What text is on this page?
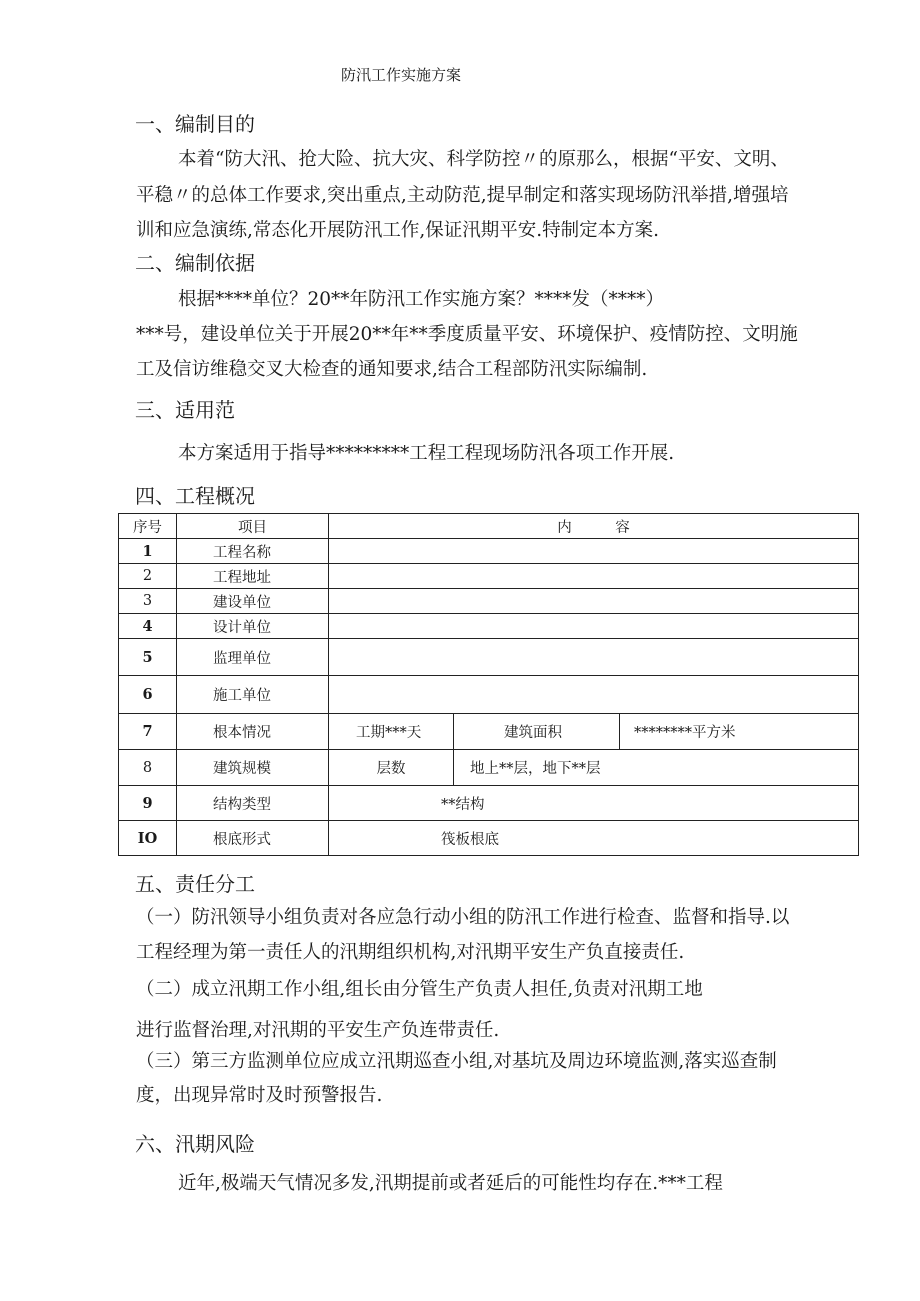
防汛工作实施方案
一、编制目的
本着“防大汛、抢大险、抗大灾、科学防控〃的原那么，根据“平安、文明、
平稳〃的总体工作要求,突出重点,主动防范,提早制定和落实现场防汛举措,增强培
训和应急演练,常态化开展防汛工作,保证汛期平安.特制定本方案.
二、编制依据
根据****单位？20**年防汛工作实施方案？****发（****）
***号，建设单位关于开展20**年**季度质量平安、环境保护、疫情防控、文明施
工及信访维稳交叉大检查的通知要求,结合工程部防汛实际编制.
三、适用范
本方案适用于指导*********工程工程现场防汛各项工作开展.
四、工程概况
序号	项目	内　　　容		
1	工程名称			
2	工程地址			
3	建设单位			
4	设计单位			
5	监理单位			
6	施工单位			
7	根本情况	工期***天	建筑面积	********平方米
8	建筑规模	层数	地上**层，地下**层	
9	结构类型	**结构		
IO	根底形式	筏板根底		
五、责任分工
（一）防汛领导小组负责对各应急行动小组的防汛工作进行检查、监督和指导.以
工程经理为第一责任人的汛期组织机构,对汛期平安生产负直接责任.
（二）成立汛期工作小组,组长由分管生产负责人担任,负责对汛期工地
进行监督治理,对汛期的平安生产负连带责任.
（三）第三方监测单位应成立汛期巡查小组,对基坑及周边环境监测,落实巡查制
度，出现异常时及时预警报告.
六、汛期风险
近年,极端天气情况多发,汛期提前或者延后的可能性均存在.***工程
